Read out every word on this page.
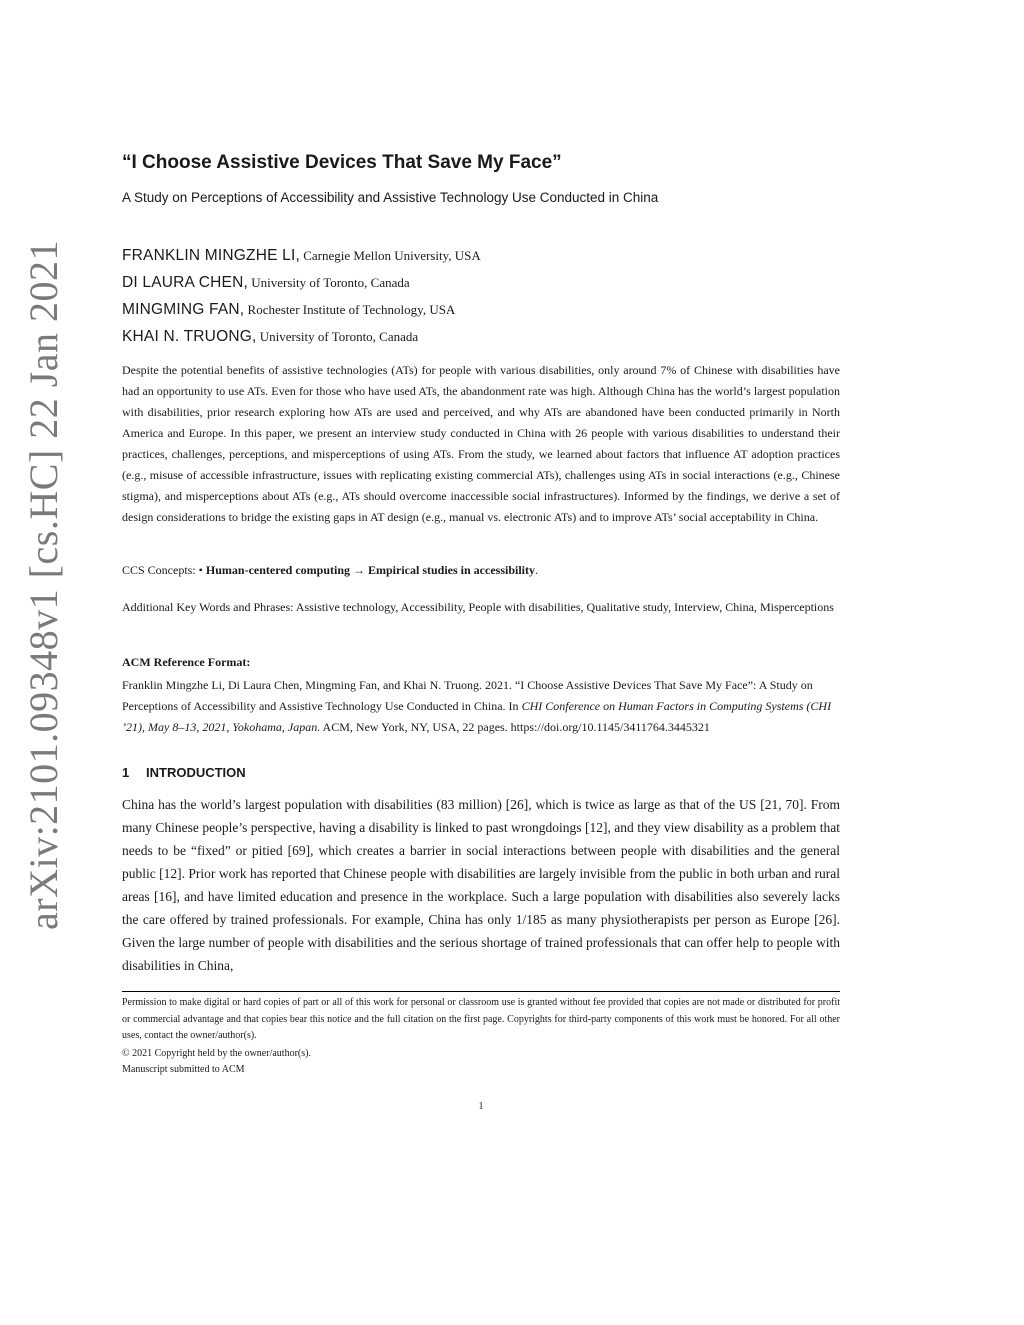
arXiv:2101.09348v1 [cs.HC] 22 Jan 2021
“I Choose Assistive Devices That Save My Face”
A Study on Perceptions of Accessibility and Assistive Technology Use Conducted in China
FRANKLIN MINGZHE LI, Carnegie Mellon University, USA
DI LAURA CHEN, University of Toronto, Canada
MINGMING FAN, Rochester Institute of Technology, USA
KHAI N. TRUONG, University of Toronto, Canada
Despite the potential benefits of assistive technologies (ATs) for people with various disabilities, only around 7% of Chinese with disabilities have had an opportunity to use ATs. Even for those who have used ATs, the abandonment rate was high. Although China has the world’s largest population with disabilities, prior research exploring how ATs are used and perceived, and why ATs are abandoned have been conducted primarily in North America and Europe. In this paper, we present an interview study conducted in China with 26 people with various disabilities to understand their practices, challenges, perceptions, and misperceptions of using ATs. From the study, we learned about factors that influence AT adoption practices (e.g., misuse of accessible infrastructure, issues with replicating existing commercial ATs), challenges using ATs in social interactions (e.g., Chinese stigma), and misperceptions about ATs (e.g., ATs should overcome inaccessible social infrastructures). Informed by the findings, we derive a set of design considerations to bridge the existing gaps in AT design (e.g., manual vs. electronic ATs) and to improve ATs’ social acceptability in China.
CCS Concepts: • Human-centered computing → Empirical studies in accessibility.
Additional Key Words and Phrases: Assistive technology, Accessibility, People with disabilities, Qualitative study, Interview, China, Misperceptions
ACM Reference Format:
Franklin Mingzhe Li, Di Laura Chen, Mingming Fan, and Khai N. Truong. 2021. “I Choose Assistive Devices That Save My Face”: A Study on Perceptions of Accessibility and Assistive Technology Use Conducted in China. In CHI Conference on Human Factors in Computing Systems (CHI ’21), May 8–13, 2021, Yokohama, Japan. ACM, New York, NY, USA, 22 pages. https://doi.org/10.1145/3411764.3445321
1 INTRODUCTION
China has the world’s largest population with disabilities (83 million) [26], which is twice as large as that of the US [21, 70]. From many Chinese people’s perspective, having a disability is linked to past wrongdoings [12], and they view disability as a problem that needs to be “fixed” or pitied [69], which creates a barrier in social interactions between people with disabilities and the general public [12]. Prior work has reported that Chinese people with disabilities are largely invisible from the public in both urban and rural areas [16], and have limited education and presence in the workplace. Such a large population with disabilities also severely lacks the care offered by trained professionals. For example, China has only 1/185 as many physiotherapists per person as Europe [26]. Given the large number of people with disabilities and the serious shortage of trained professionals that can offer help to people with disabilities in China,
Permission to make digital or hard copies of part or all of this work for personal or classroom use is granted without fee provided that copies are not made or distributed for profit or commercial advantage and that copies bear this notice and the full citation on the first page. Copyrights for third-party components of this work must be honored. For all other uses, contact the owner/author(s).
© 2021 Copyright held by the owner/author(s).
Manuscript submitted to ACM
1
